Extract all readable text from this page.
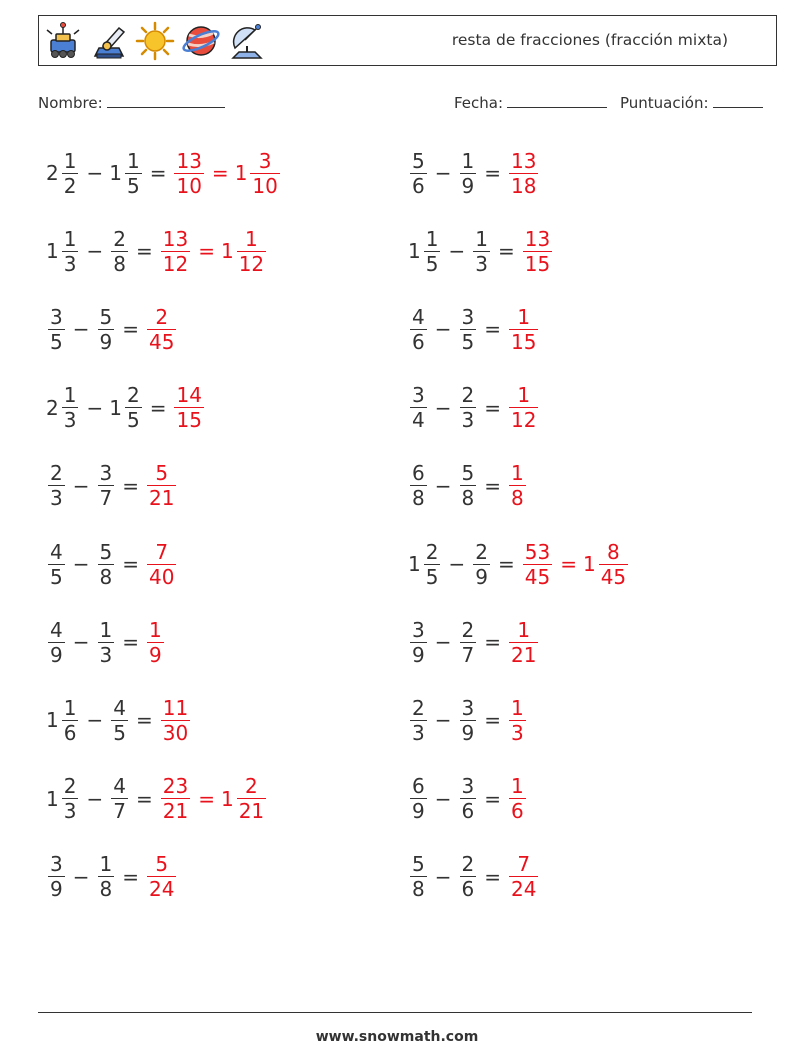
resta de fracciones (fracción mixta)
Nombre:	Fecha:	Puntuación:
$2 \frac{1}{2} - 1 \frac{1}{5} = \frac{13}{10} = 1 \frac{3}{10}$	$\frac{5}{6} - \frac{1}{9} = \frac{13}{18}$
$1 \frac{1}{3} - \frac{2}{8} = \frac{13}{12} = 1 \frac{1}{12}$	$1 \frac{1}{5} - \frac{1}{3} = \frac{13}{15}$
$\frac{3}{5} - \frac{5}{9} = \frac{2}{45}$	$\frac{4}{6} - \frac{3}{5} = \frac{1}{15}$
$2 \frac{1}{3} - 1 \frac{2}{5} = \frac{14}{15}$	$\frac{3}{4} - \frac{2}{3} = \frac{1}{12}$
$\frac{2}{3} - \frac{3}{7} = \frac{5}{21}$	$\frac{6}{8} - \frac{5}{8} = \frac{1}{8}$
$\frac{4}{5} - \frac{5}{8} = \frac{7}{40}$	$1 \frac{2}{5} - \frac{2}{9} = \frac{53}{45} = 1 \frac{8}{45}$
$\frac{4}{9} - \frac{1}{3} = \frac{1}{9}$	$\frac{3}{9} - \frac{2}{7} = \frac{1}{21}$
$1 \frac{1}{6} - \frac{4}{5} = \frac{11}{30}$	$\frac{2}{3} - \frac{3}{9} = \frac{1}{3}$
$1 \frac{2}{3} - \frac{4}{7} = \frac{23}{21} = 1 \frac{2}{21}$	$\frac{6}{9} - \frac{3}{6} = \frac{1}{6}$
$\frac{3}{9} - \frac{1}{8} = \frac{5}{24}$	$\frac{5}{8} - \frac{2}{6} = \frac{7}{24}$
www.snowmath.com
